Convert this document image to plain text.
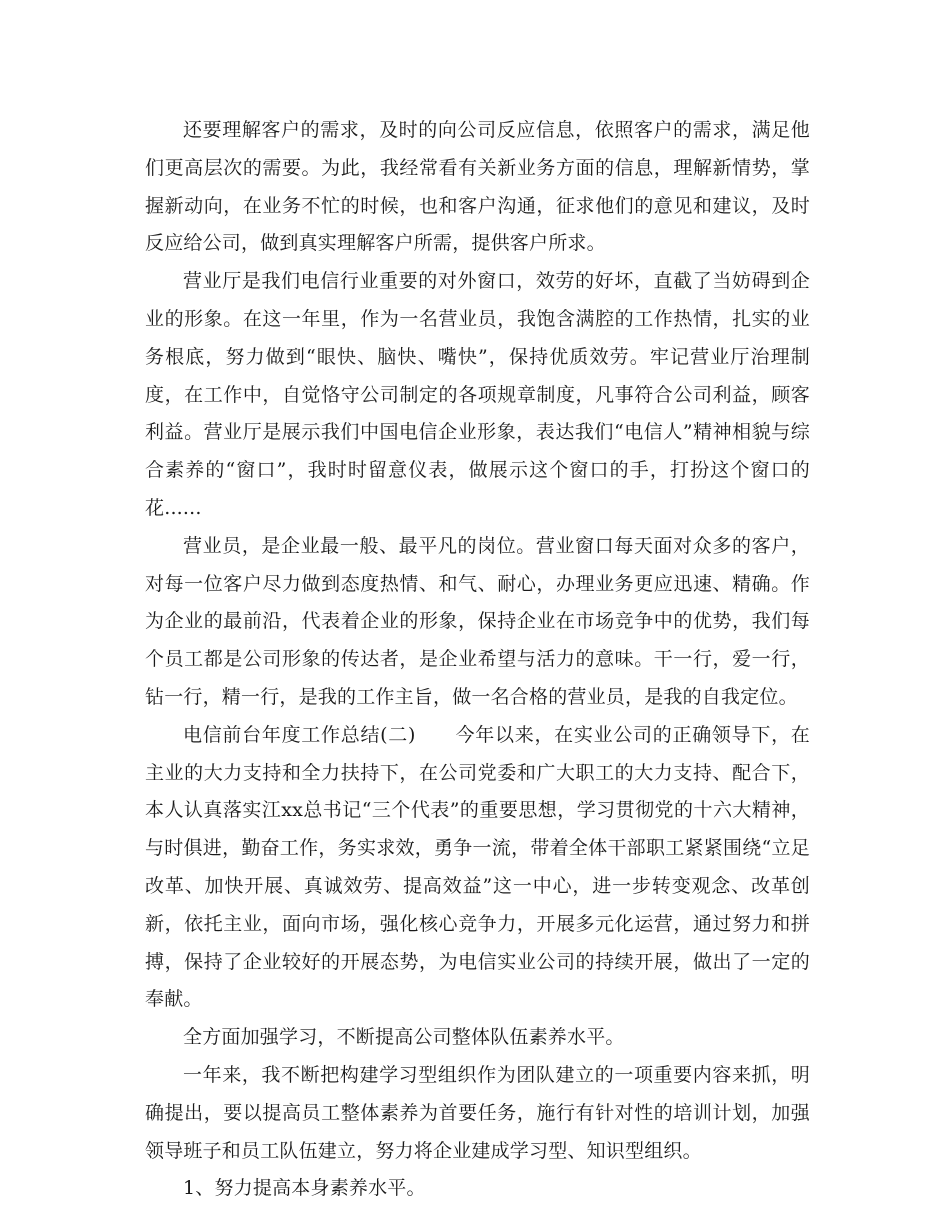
还要理解客户的需求，及时的向公司反应信息，依照客户的需求，满足他们更高层次的需要。为此，我经常看有关新业务方面的信息，理解新情势，掌握新动向，在业务不忙的时候，也和客户沟通，征求他们的意见和建议，及时反应给公司，做到真实理解客户所需，提供客户所求。

营业厅是我们电信行业重要的对外窗口，效劳的好坏，直截了当妨碍到企业的形象。在这一年里，作为一名营业员，我饱含满腔的工作热情，扎实的业务根底，努力做到“眼快、脑快、嘴快”，保持优质效劳。牢记营业厅治理制度，在工作中，自觉恪守公司制定的各项规章制度，凡事符合公司利益，顾客利益。营业厅是展示我们中国电信企业形象，表达我们“电信人”精神相貌与综合素养的“窗口”，我时时留意仪表，做展示这个窗口的手，打扮这个窗口的花......

营业员，是企业最一般、最平凡的岗位。营业窗口每天面对众多的客户，对每一位客户尽力做到态度热情、和气、耐心，办理业务更应迅速、精确。作为企业的最前沿，代表着企业的形象，保持企业在市场竞争中的优势，我们每个员工都是公司形象的传达者，是企业希望与活力的意味。干一行，爱一行，钻一行，精一行，是我的工作主旨，做一名合格的营业员，是我的自我定位。

电信前台年度工作总结(二)　　今年以来，在实业公司的正确领导下，在主业的大力支持和全力扶持下，在公司党委和广大职工的大力支持、配合下，本人认真落实江xx总书记“三个代表”的重要思想，学习贯彻党的十六大精神，与时俱进，勤奋工作，务实求效，勇争一流，带着全体干部职工紧紧围绕“立足改革、加快开展、真诚效劳、提高效益”这一中心，进一步转变观念、改革创新，依托主业，面向市场，强化核心竞争力，开展多元化运营，通过努力和拼搏，保持了企业较好的开展态势，为电信实业公司的持续开展，做出了一定的奉献。

全方面加强学习，不断提高公司整体队伍素养水平。

一年来，我不断把构建学习型组织作为团队建立的一项重要内容来抓，明确提出，要以提高员工整体素养为首要任务，施行有针对性的培训计划，加强领导班子和员工队伍建立，努力将企业建成学习型、知识型组织。

1、努力提高本身素养水平。
